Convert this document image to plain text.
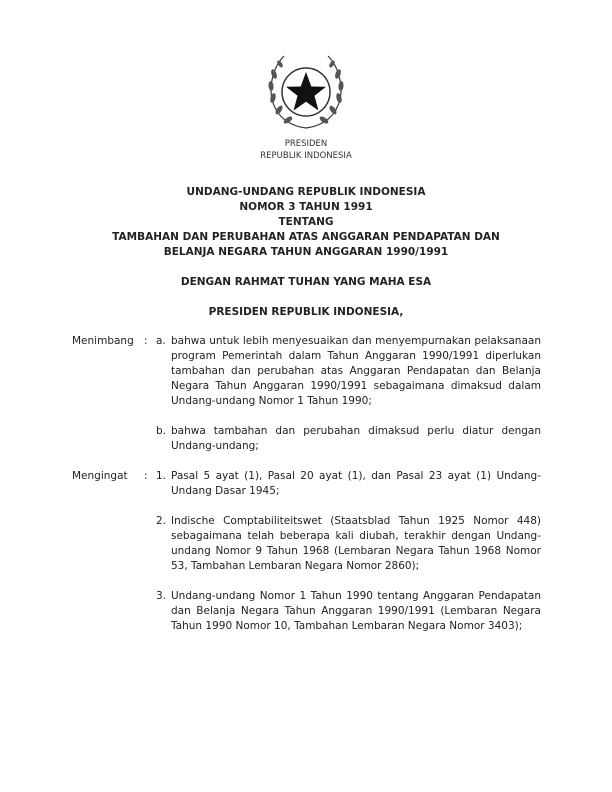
PRESIDEN
REPUBLIK INDONESIA
UNDANG-UNDANG REPUBLIK INDONESIA
NOMOR 3 TAHUN 1991
TENTANG
TAMBAHAN DAN PERUBAHAN ATAS ANGGARAN PENDAPATAN DAN
BELANJA NEGARA TAHUN ANGGARAN 1990/1991
DENGAN RAHMAT TUHAN YANG MAHA ESA
PRESIDEN REPUBLIK INDONESIA,
Menimbang : a. bahwa untuk lebih menyesuaikan dan menyempurnakan pelaksanaan program Pemerintah dalam Tahun Anggaran 1990/1991 diperlukan tambahan dan perubahan atas Anggaran Pendapatan dan Belanja Negara Tahun Anggaran 1990/1991 sebagaimana dimaksud dalam Undang-undang Nomor 1 Tahun 1990;
b. bahwa tambahan dan perubahan dimaksud perlu diatur dengan Undang-undang;
Mengingat : 1. Pasal 5 ayat (1), Pasal 20 ayat (1), dan Pasal 23 ayat (1) Undang-Undang Dasar 1945;
2. Indische Comptabiliteitswet (Staatsblad Tahun 1925 Nomor 448) sebagaimana telah beberapa kali diubah, terakhir dengan Undang-undang Nomor 9 Tahun 1968 (Lembaran Negara Tahun 1968 Nomor 53, Tambahan Lembaran Negara Nomor 2860);
3. Undang-undang Nomor 1 Tahun 1990 tentang Anggaran Pendapatan dan Belanja Negara Tahun Anggaran 1990/1991 (Lembaran Negara Tahun 1990 Nomor 10, Tambahan Lembaran Negara Nomor 3403);
